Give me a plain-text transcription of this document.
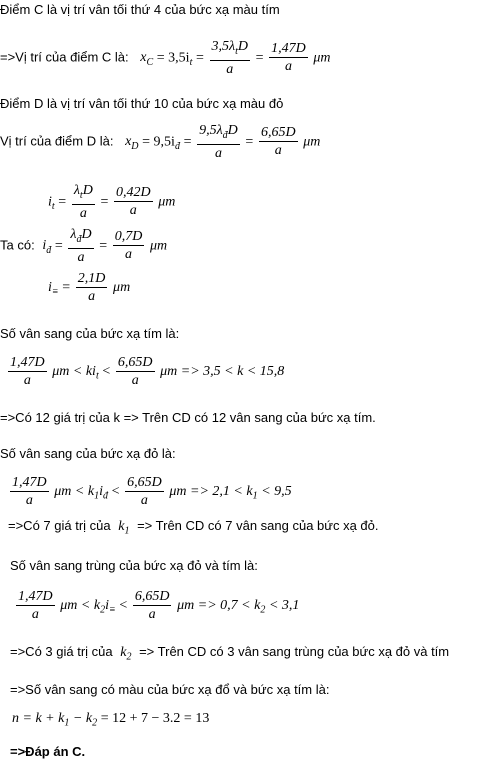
Điểm C là vị trí vân tối thứ 4 của bức xạ màu tím
=>Vị trí của điểm C là: $x_C = 3,5i_t = \frac{3,5\lambda_tD}{a} = \frac{1,47D}{a}$ μm
Điểm D là vị trí vân tối thứ 10 của bức xạ màu đỏ
Vị trí của điểm D là: $x_D = 9,5i_đ = \frac{9,5\lambda_đD}{a} = \frac{6,65D}{a}$ μm
$i_t = \frac{\lambda_tD}{a} = \frac{0,42D}{a}$ μm
Ta có: $i_đ = \frac{\lambda_đD}{a} = \frac{0,7D}{a}$ μm
$i_\equiv = \frac{2,1D}{a}$ μm
Số vân sang của bức xạ tím là:
$\frac{1,47D}{a}$ $\mu m < ki_t < \frac{6,65D}{a}$ μm => 3,5 < k < 15,8
=>Có 12 giá trị của k => Trên CD có 12 vân sang của bức xạ tím.
Số vân sang của bức xạ đỏ là:
$\frac{1,47D}{a}$ $\mu m < k_1i_đ < \frac{6,65D}{a}$ $\mu m => 2,1 < k_1 < 9,5$
=>Có 7 giá trị của $k_1$ => Trên CD có 7 vân sang của bức xạ đỏ.
Số vân sang trùng của bức xạ đỏ và tím là:
$\frac{1,47D}{a}$ $\mu m < k_2i_\equiv < \frac{6,65D}{a}$ $\mu m => 0,7 < k_2 < 3,1$
=>Có 3 giá trị của $k_2$ => Trên CD có 3 vân sang trùng của bức xạ đỏ và tím
=>Số vân sang có màu của bức xạ đổ và bức xạ tím là:
$n = k + k_1 - k_2 = 12 + 7 - 3.2 = 13$
=>Đáp án C.
